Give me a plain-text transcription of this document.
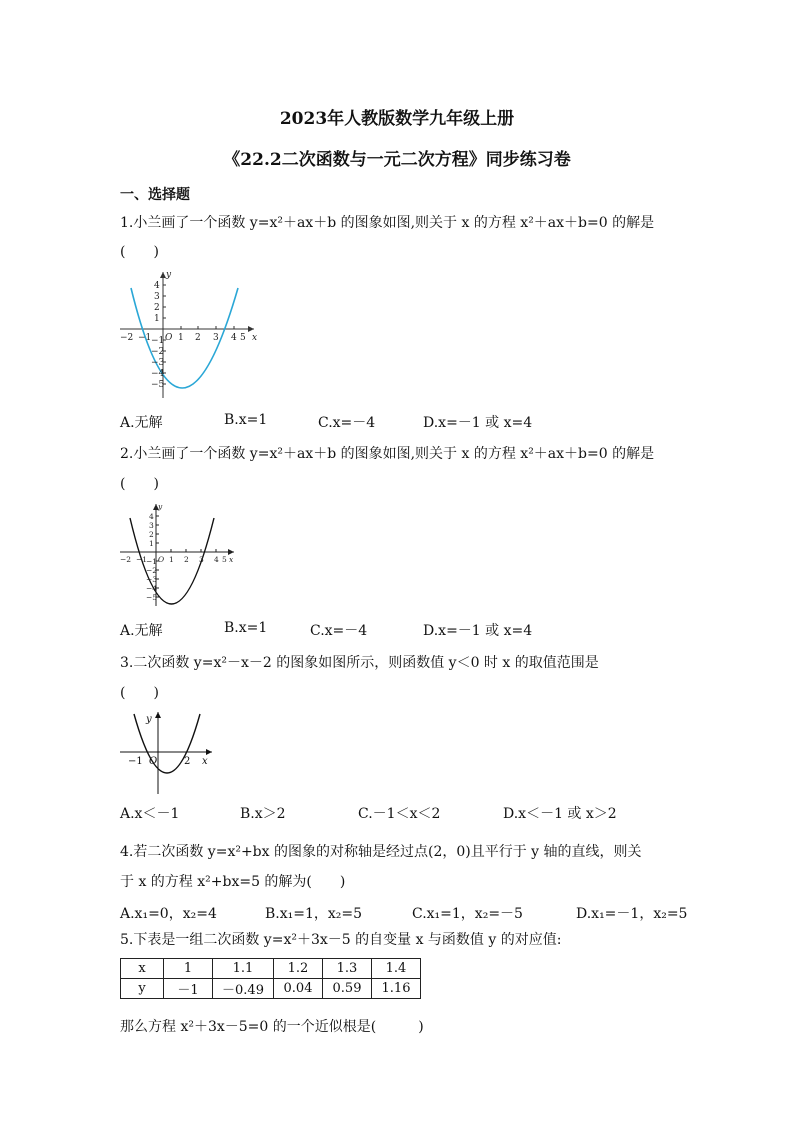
2023年人教版数学九年级上册
《22.2二次函数与一元二次方程》同步练习卷
一、选择题
1.小兰画了一个函数 y=x²＋ax＋b 的图象如图,则关于 x 的方程 x²＋ax＋b=0 的解是
(　　)
y
x
O
−2 −1	1 2 3 4 5
4
3
2
1
−1
−2
−3
−4
−5
A.无解	B.x=1	C.x=－4	D.x=－1 或 x=4
2.小兰画了一个函数 y=x²＋ax＋b 的图象如图,则关于 x 的方程 x²＋ax＋b=0 的解是
(　　)
y
x
O
−2 −1	1 2 3 4 5
4
3
2
1
−1
−2
−3
−4
−5
A.无解	B.x=1	C.x=－4	D.x=－1 或 x=4
3.二次函数 y=x²－x－2 的图象如图所示，则函数值 y＜0 时 x 的取值范围是
(　　)
y
x
O
−1	2
A.x＜－1	B.x＞2	C.－1＜x＜2	D.x＜－1 或 x＞2
4.若二次函数 y=x²+bx 的图象的对称轴是经过点(2，0)且平行于 y 轴的直线，则关
于 x 的方程 x²+bx=5 的解为(　　)
A.x₁=0，x₂=4	B.x₁=1，x₂=5	C.x₁=1，x₂=－5	D.x₁=－1，x₂=5
5.下表是一组二次函数 y=x²＋3x－5 的自变量 x 与函数值 y 的对应值:
x	1	1.1	1.2	1.3	1.4
y	－1	－0.49	0.04	0.59	1.16
那么方程 x²＋3x－5=0 的一个近似根是(　　　)
